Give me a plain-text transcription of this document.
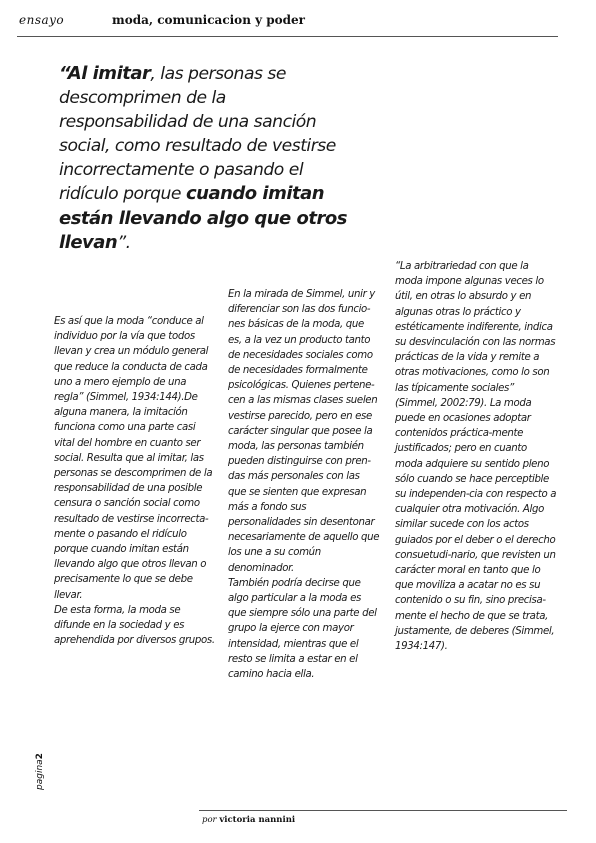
ensayo	moda, comunicacion y poder
“Al imitar, las personas se descomprimen de la responsabilidad de una sanción social, como resultado de vestirse incorrectamente o pasando el ridículo porque cuando imitan están llevando algo que otros llevan”.

Es así que la moda “conduce al individuo por la vía que todos llevan y crea un módulo general que reduce la conducta de cada uno a mero ejemplo de una regla” (Simmel, 1934:144).De alguna manera, la imitación funciona como una parte casi vital del hombre en cuanto ser social. Resulta que al imitar, las personas se descomprimen de la responsabilidad de una posible censura o sanción social como resultado de vestirse incorrecta-mente o pasando el ridículo porque cuando imitan están llevando algo que otros llevan o precisamente lo que se debe llevar.

De esta forma, la moda se difunde en la sociedad y es aprehendida por diversos grupos.

En la mirada de Simmel, unir y diferenciar son las dos funcio-nes básicas de la moda, que es, a la vez un producto tanto de necesidades sociales como de necesidades formalmente psicológicas. Quienes pertene-cen a las mismas clases suelen vestirse parecido, pero en ese carácter singular que posee la moda, las personas también pueden distinguirse con pren-das más personales con las que se sienten que expresan más a fondo sus personalidades sin desentonar necesariamente de aquello que los une a su común denominador.

También podría decirse que algo particular a la moda es que siempre sólo una parte del grupo la ejerce con mayor intensidad, mientras que el resto se limita a estar en el camino hacia ella.

“La arbitrariedad con que la moda impone algunas veces lo útil, en otras lo absurdo y en algunas otras lo práctico y estéticamente indiferente, indica su desvinculación con las normas prácticas de la vida y remite a otras motivaciones, como lo son las típicamente sociales” (Simmel, 2002:79). La moda puede en ocasiones adoptar contenidos práctica-mente justificados; pero en cuanto moda adquiere su sentido pleno sólo cuando se hace perceptible su independen-cia con respecto a cualquier otra motivación. Algo similar sucede con los actos guiados por el deber o el derecho consuetudi-nario, que revisten un carácter moral en tanto que lo que moviliza a acatar no es su contenido o su fin, sino precisa-mente el hecho de que se trata, justamente, de deberes (Simmel, 1934:147).

pagina2
por victoria nannini
